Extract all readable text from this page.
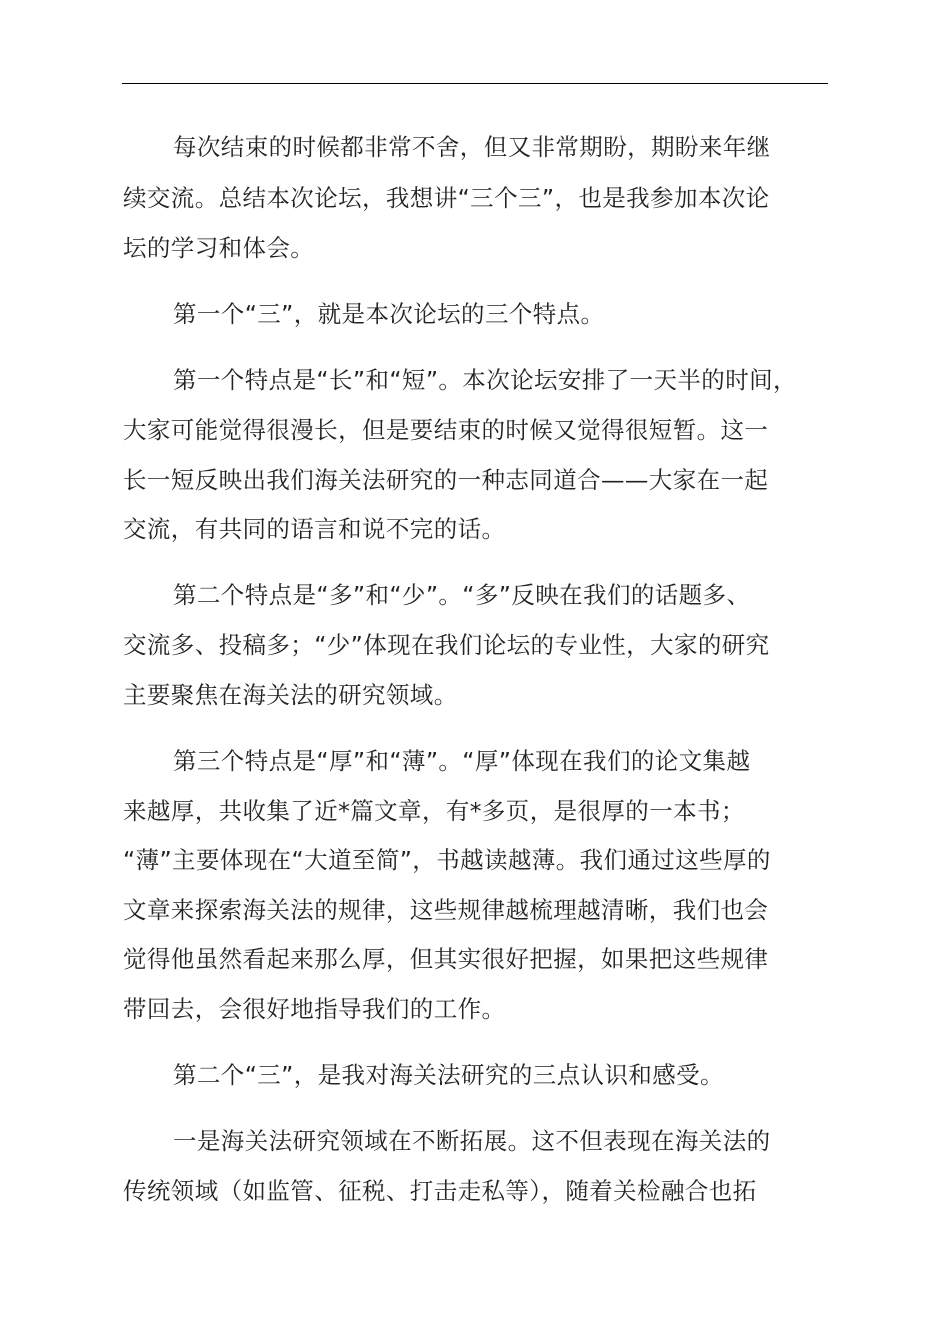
每次结束的时候都非常不舍，但又非常期盼，期盼来年继
续交流。总结本次论坛，我想讲“三个三”，也是我参加本次论
坛的学习和体会。
第一个“三”，就是本次论坛的三个特点。
第一个特点是“长”和“短”。本次论坛安排了一天半的时间，
大家可能觉得很漫长，但是要结束的时候又觉得很短暂。这一
长一短反映出我们海关法研究的一种志同道合——大家在一起
交流，有共同的语言和说不完的话。
第二个特点是“多”和“少”。“多”反映在我们的话题多、
交流多、投稿多；“少”体现在我们论坛的专业性，大家的研究
主要聚焦在海关法的研究领域。
第三个特点是“厚”和“薄”。“厚”体现在我们的论文集越
来越厚，共收集了近*篇文章，有*多页，是很厚的一本书；
“薄”主要体现在“大道至简”，书越读越薄。我们通过这些厚的
文章来探索海关法的规律，这些规律越梳理越清晰，我们也会
觉得他虽然看起来那么厚，但其实很好把握，如果把这些规律
带回去，会很好地指导我们的工作。
第二个“三”，是我对海关法研究的三点认识和感受。
一是海关法研究领域在不断拓展。这不但表现在海关法的
传统领域（如监管、征税、打击走私等），随着关检融合也拓
